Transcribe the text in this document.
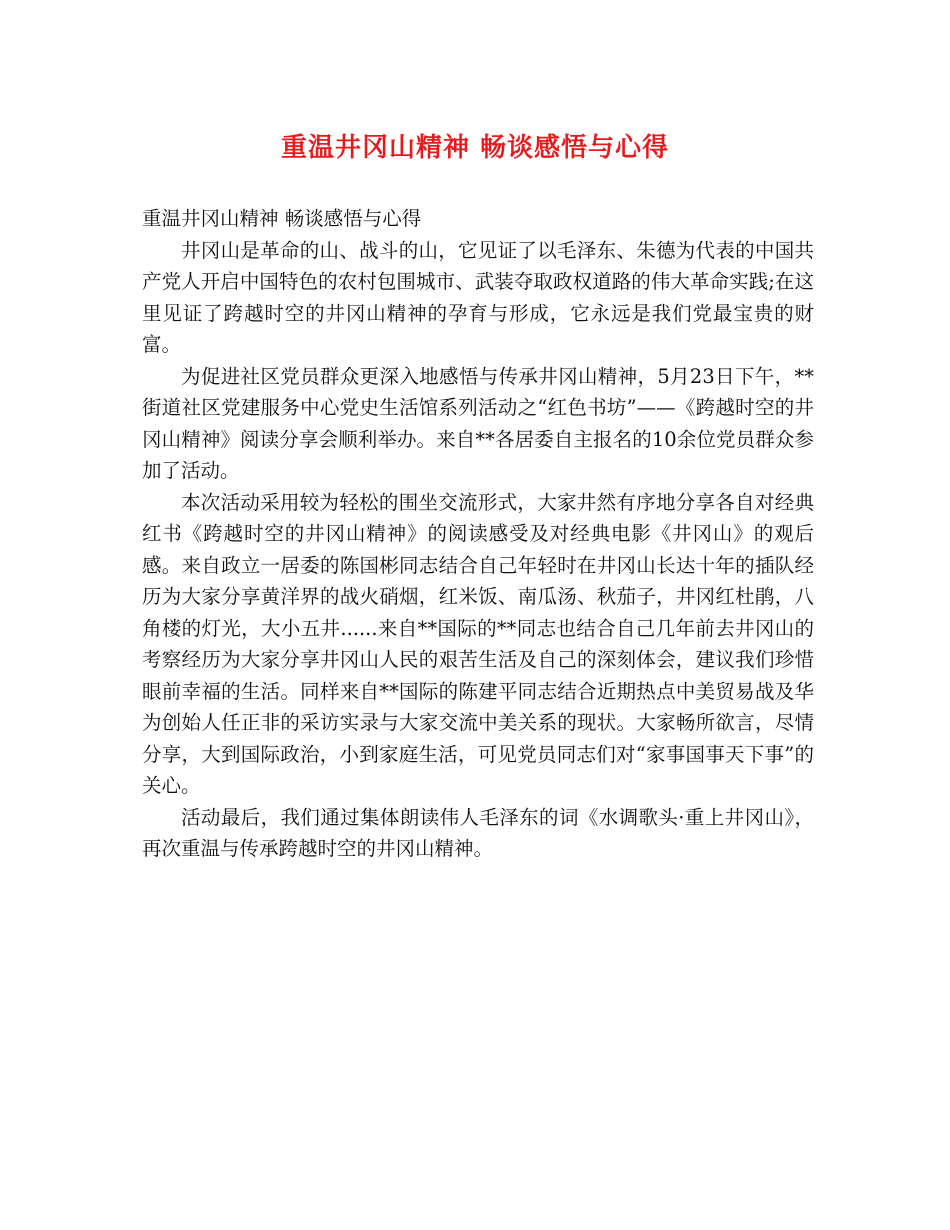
重温井冈山精神 畅谈感悟与心得

重温井冈山精神 畅谈感悟与心得

井冈山是革命的山、战斗的山，它见证了以毛泽东、朱德为代表的中国共产党人开启中国特色的农村包围城市、武装夺取政权道路的伟大革命实践;在这里见证了跨越时空的井冈山精神的孕育与形成，它永远是我们党最宝贵的财富。

为促进社区党员群众更深入地感悟与传承井冈山精神，5月23日下午，**街道社区党建服务中心党史生活馆系列活动之“红色书坊”——《跨越时空的井冈山精神》阅读分享会顺利举办。来自**各居委自主报名的10余位党员群众参加了活动。

本次活动采用较为轻松的围坐交流形式，大家井然有序地分享各自对经典红书《跨越时空的井冈山精神》的阅读感受及对经典电影《井冈山》的观后感。来自政立一居委的陈国彬同志结合自己年轻时在井冈山长达十年的插队经历为大家分享黄洋界的战火硝烟，红米饭、南瓜汤、秋茄子，井冈红杜鹃，八角楼的灯光，大小五井......来自**国际的**同志也结合自己几年前去井冈山的考察经历为大家分享井冈山人民的艰苦生活及自己的深刻体会，建议我们珍惜眼前幸福的生活。同样来自**国际的陈建平同志结合近期热点中美贸易战及华为创始人任正非的采访实录与大家交流中美关系的现状。大家畅所欲言，尽情分享，大到国际政治，小到家庭生活，可见党员同志们对“家事国事天下事”的关心。

活动最后，我们通过集体朗读伟人毛泽东的词《水调歌头·重上井冈山》，再次重温与传承跨越时空的井冈山精神。
